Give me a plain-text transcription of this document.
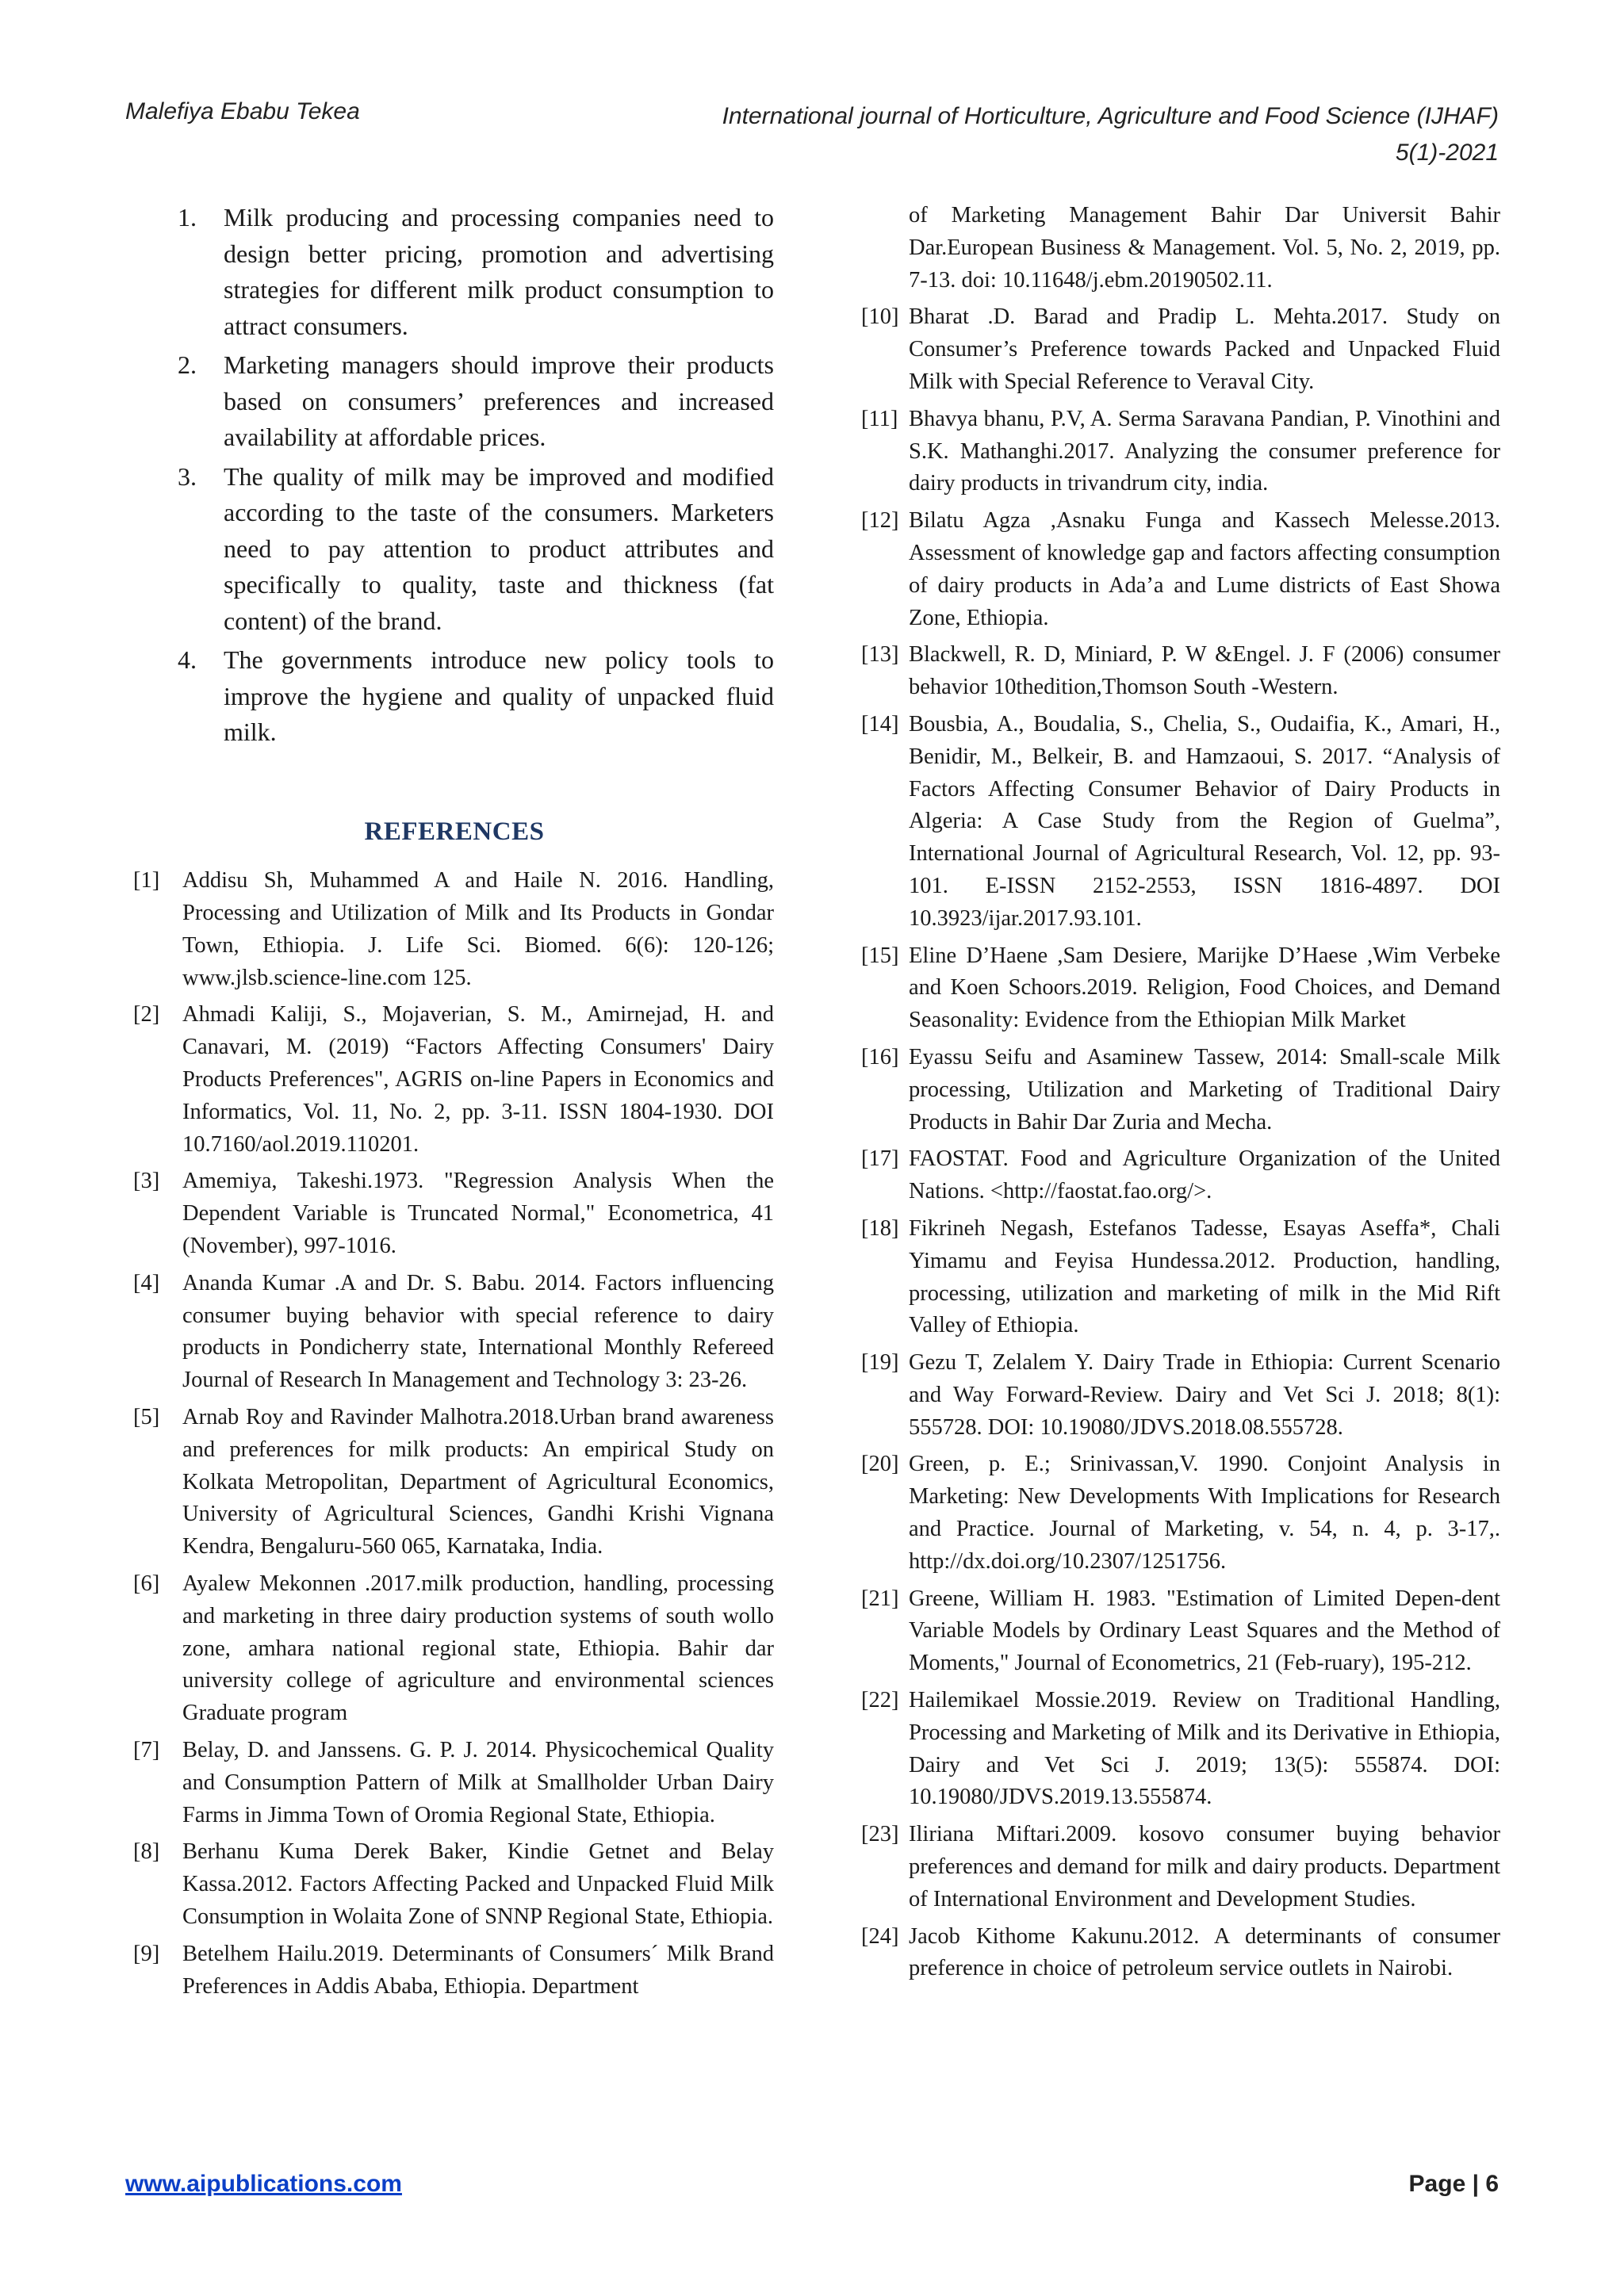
Malefiya Ebabu Tekea	International journal of Horticulture, Agriculture and Food Science (IJHAF)
5(1)-2021
1. Milk producing and processing companies need to design better pricing, promotion and advertising strategies for different milk product consumption to attract consumers.
2. Marketing managers should improve their products based on consumers’ preferences and increased availability at affordable prices.
3. The quality of milk may be improved and modified according to the taste of the consumers. Marketers need to pay attention to product attributes and specifically to quality, taste and thickness (fat content) of the brand.
4. The governments introduce new policy tools to improve the hygiene and quality of unpacked fluid milk.
REFERENCES
[1] Addisu Sh, Muhammed A and Haile N. 2016. Handling, Processing and Utilization of Milk and Its Products in Gondar Town, Ethiopia. J. Life Sci. Biomed. 6(6): 120-126; www.jlsb.science-line.com 125.
[2] Ahmadi Kaliji, S., Mojaverian, S. M., Amirnejad, H. and Canavari, M. (2019) “Factors Affecting Consumers' Dairy Products Preferences", AGRIS on-line Papers in Economics and Informatics, Vol. 11, No. 2, pp. 3-11. ISSN 1804-1930. DOI 10.7160/aol.2019.110201.
[3] Amemiya, Takeshi.1973. "Regression Analysis When the Dependent Variable is Truncated Normal," Econometrica, 41 (November), 997-1016.
[4] Ananda Kumar .A and Dr. S. Babu. 2014. Factors influencing consumer buying behavior with special reference to dairy products in Pondicherry state, International Monthly Refereed Journal of Research In Management and Technology 3: 23-26.
[5] Arnab Roy and Ravinder Malhotra.2018.Urban brand awareness and preferences for milk products: An empirical Study on Kolkata Metropolitan, Department of Agricultural Economics, University of Agricultural Sciences, Gandhi Krishi Vignana Kendra, Bengaluru-560 065, Karnataka, India.
[6] Ayalew Mekonnen .2017.milk production, handling, processing and marketing in three dairy production systems of south wollo zone, amhara national regional state, Ethiopia. Bahir dar university college of agriculture and environmental sciences Graduate program
[7] Belay, D. and Janssens. G. P. J. 2014. Physicochemical Quality and Consumption Pattern of Milk at Smallholder Urban Dairy Farms in Jimma Town of Oromia Regional State, Ethiopia.
[8] Berhanu Kuma Derek Baker, Kindie Getnet and Belay Kassa.2012. Factors Affecting Packed and Unpacked Fluid Milk Consumption in Wolaita Zone of SNNP Regional State, Ethiopia.
[9] Betelhem Hailu.2019. Determinants of Consumers´ Milk Brand Preferences in Addis Ababa, Ethiopia. Department
of Marketing Management Bahir Dar Universit Bahir Dar.European Business & Management. Vol. 5, No. 2, 2019, pp. 7-13. doi: 10.11648/j.ebm.20190502.11.
[10] Bharat .D. Barad and Pradip L. Mehta.2017. Study on Consumer’s Preference towards Packed and Unpacked Fluid Milk with Special Reference to Veraval City.
[11] Bhavya bhanu, P.V, A. Serma Saravana Pandian, P. Vinothini and S.K. Mathanghi.2017. Analyzing the consumer preference for dairy products in trivandrum city, india.
[12] Bilatu Agza ,Asnaku Funga and Kassech Melesse.2013. Assessment of knowledge gap and factors affecting consumption of dairy products in Ada’a and Lume districts of East Showa Zone, Ethiopia.
[13] Blackwell, R. D, Miniard, P. W &Engel. J. F (2006) consumer behavior 10thedition,Thomson South -Western.
[14] Bousbia, A., Boudalia, S., Chelia, S., Oudaifia, K., Amari, H., Benidir, M., Belkeir, B. and Hamzaoui, S. 2017. “Analysis of Factors Affecting Consumer Behavior of Dairy Products in Algeria: A Case Study from the Region of Guelma”, International Journal of Agricultural Research, Vol. 12, pp. 93-101. E-ISSN 2152-2553, ISSN 1816-4897. DOI 10.3923/ijar.2017.93.101.
[15] Eline D’Haene ,Sam Desiere, Marijke D’Haese ,Wim Verbeke and Koen Schoors.2019. Religion, Food Choices, and Demand Seasonality: Evidence from the Ethiopian Milk Market
[16] Eyassu Seifu and Asaminew Tassew, 2014: Small-scale Milk processing, Utilization and Marketing of Traditional Dairy Products in Bahir Dar Zuria and Mecha.
[17] FAOSTAT. Food and Agriculture Organization of the United Nations. <http://faostat.fao.org/>.
[18] Fikrineh Negash, Estefanos Tadesse, Esayas Aseffa*, Chali Yimamu and Feyisa Hundessa.2012. Production, handling, processing, utilization and marketing of milk in the Mid Rift Valley of Ethiopia.
[19] Gezu T, Zelalem Y. Dairy Trade in Ethiopia: Current Scenario and Way Forward-Review. Dairy and Vet Sci J. 2018; 8(1): 555728. DOI: 10.19080/JDVS.2018.08.555728.
[20] Green, p. E.; Srinivassan,V. 1990. Conjoint Analysis in Marketing: New Developments With Implications for Research and Practice. Journal of Marketing, v. 54, n. 4, p. 3-17,. http://dx.doi.org/10.2307/1251756.
[21] Greene, William H. 1983. "Estimation of Limited Depen-dent Variable Models by Ordinary Least Squares and the Method of Moments," Journal of Econometrics, 21 (Feb-ruary), 195-212.
[22] Hailemikael Mossie.2019. Review on Traditional Handling, Processing and Marketing of Milk and its Derivative in Ethiopia, Dairy and Vet Sci J. 2019; 13(5): 555874. DOI: 10.19080/JDVS.2019.13.555874.
[23] Iliriana Miftari.2009. kosovo consumer buying behavior preferences and demand for milk and dairy products. Department of International Environment and Development Studies.
[24] Jacob Kithome Kakunu.2012. A determinants of consumer preference in choice of petroleum service outlets in Nairobi.
www.aipublications.com	Page | 6
